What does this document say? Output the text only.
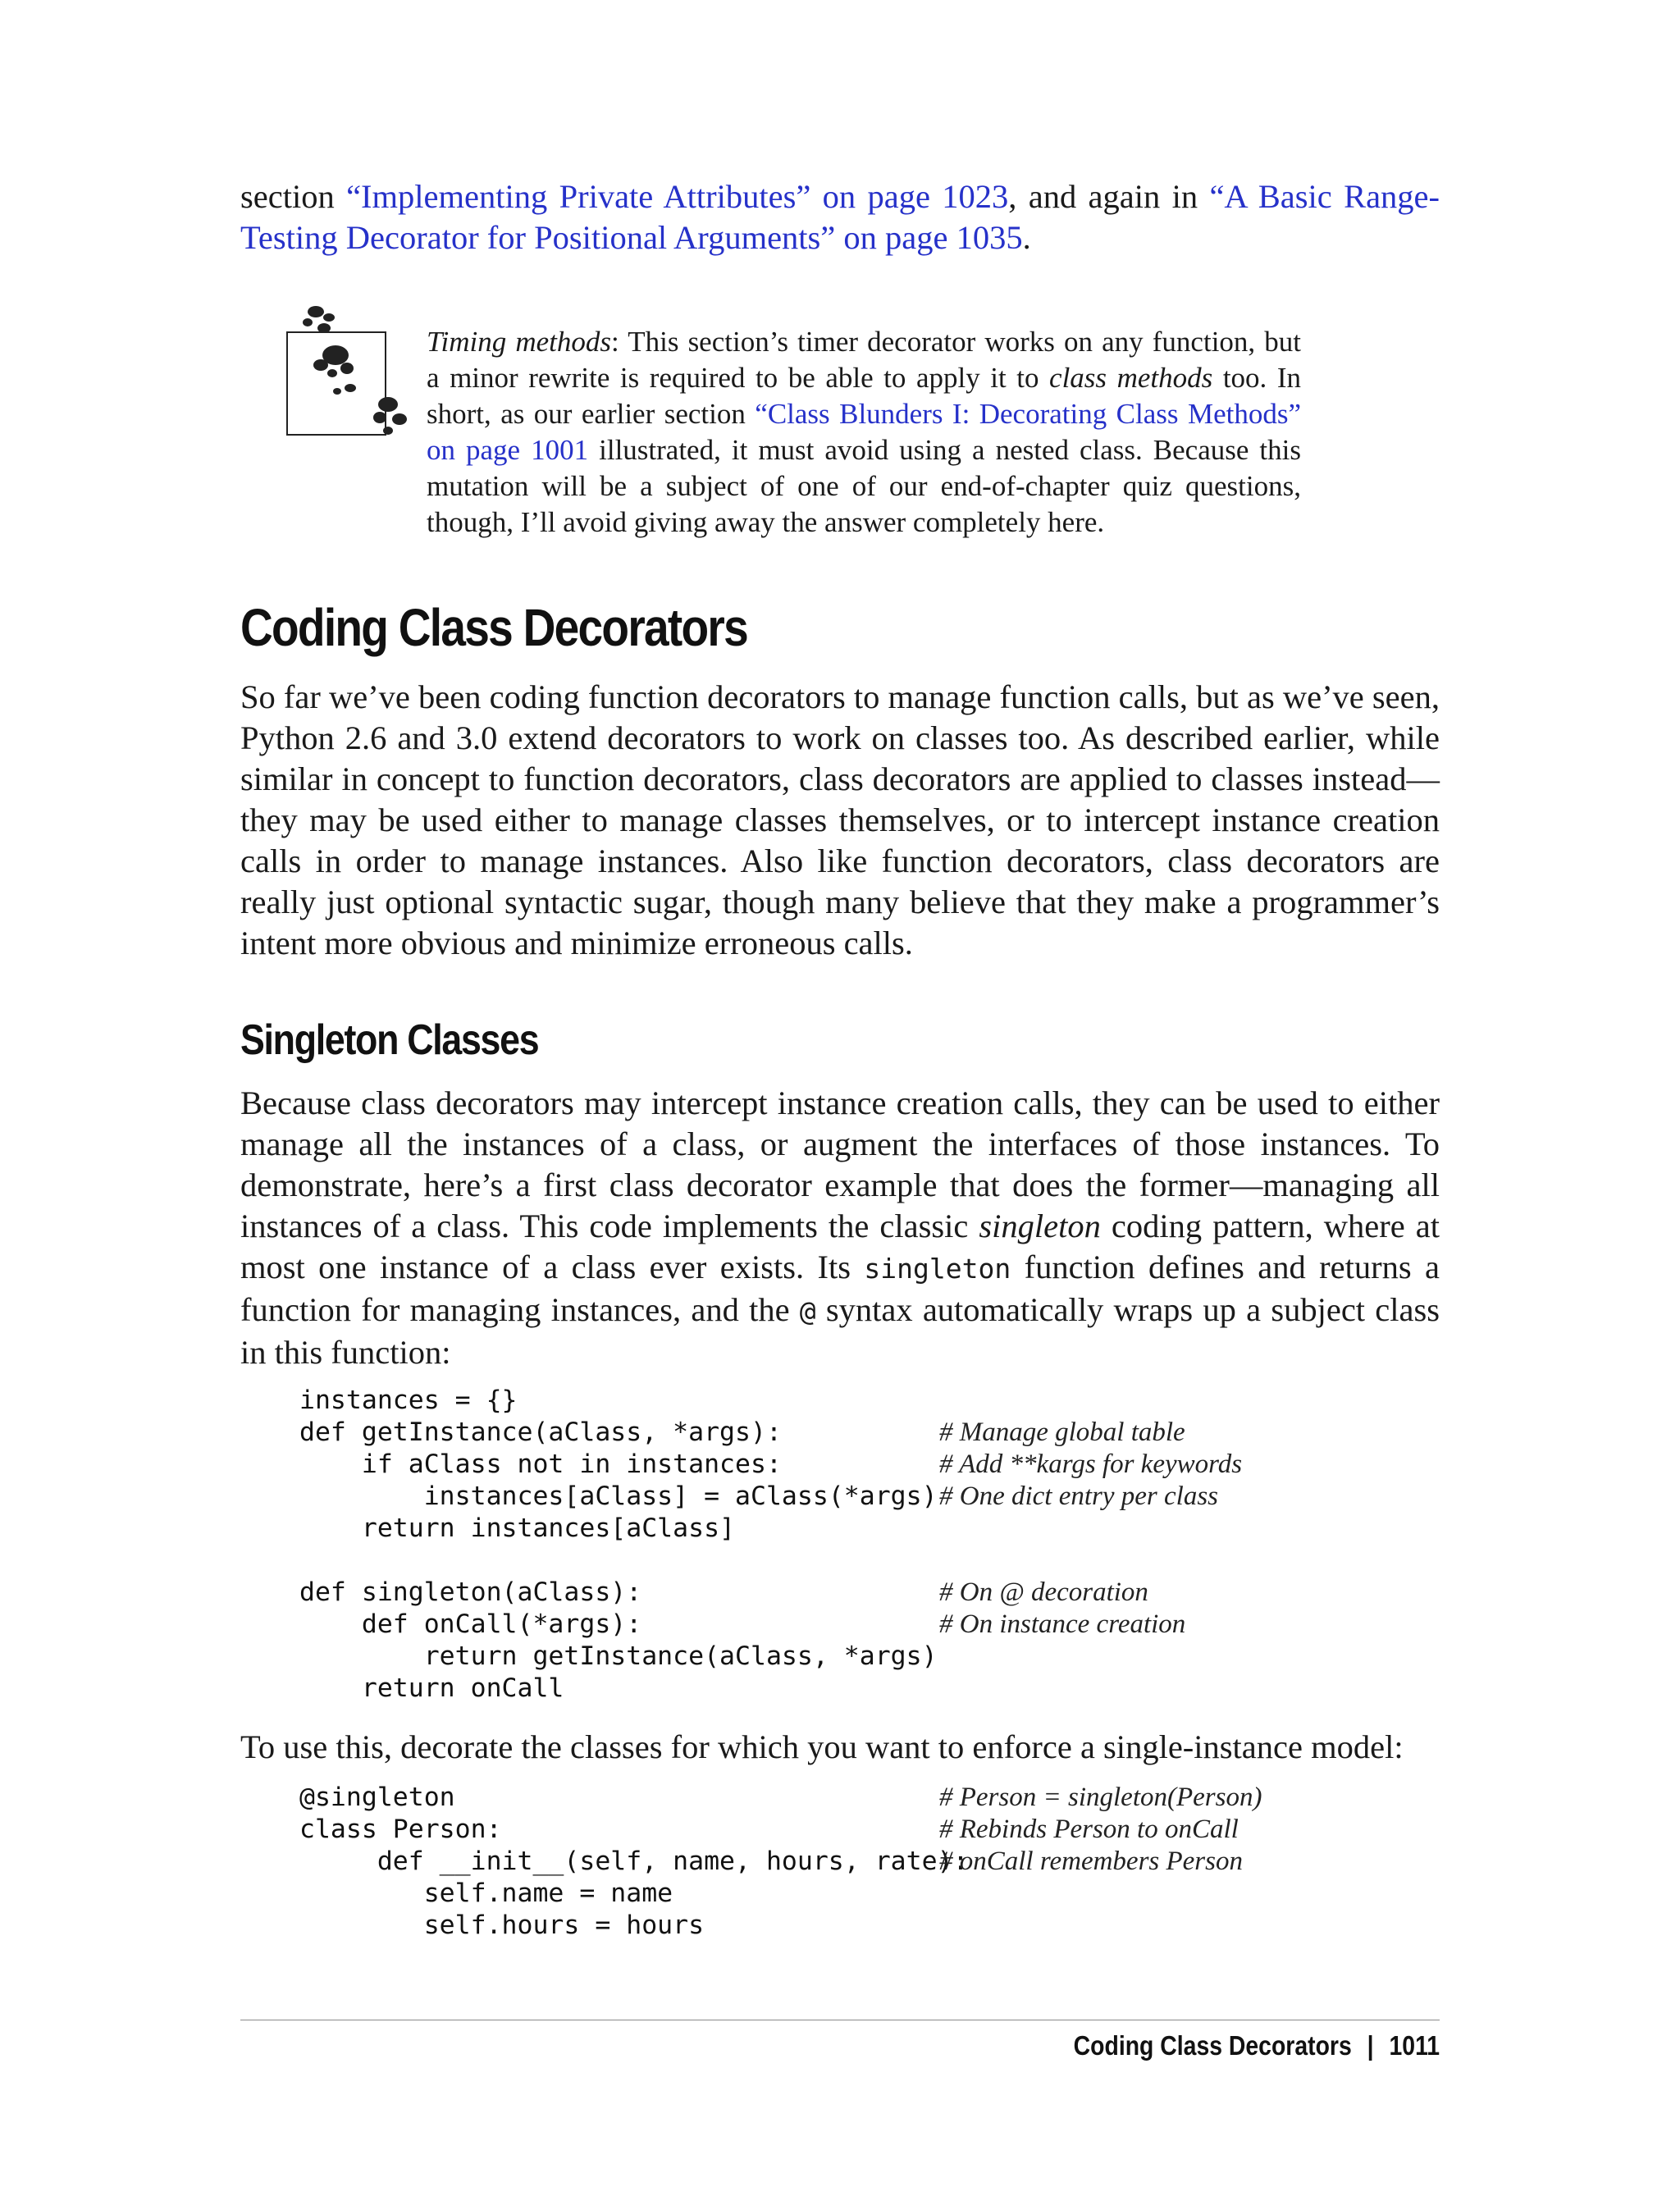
section “Implementing Private Attributes” on page 1023, and again in “A Basic Range-Testing Decorator for Positional Arguments” on page 1035.

Timing methods: This section’s timer decorator works on any function, but a minor rewrite is required to be able to apply it to class methods too. In short, as our earlier section “Class Blunders I: Decorating Class Methods” on page 1001 illustrated, it must avoid using a nested class. Because this mutation will be a subject of one of our end-of-chapter quiz questions, though, I’ll avoid giving away the answer completely here.

Coding Class Decorators

So far we’ve been coding function decorators to manage function calls, but as we’ve seen, Python 2.6 and 3.0 extend decorators to work on classes too. As described earlier, while similar in concept to function decorators, class decorators are applied to classes instead—they may be used either to manage classes themselves, or to intercept instance creation calls in order to manage instances. Also like function decorators, class decorators are really just optional syntactic sugar, though many believe that they make a programmer’s intent more obvious and minimize erroneous calls.

Singleton Classes

Because class decorators may intercept instance creation calls, they can be used to either manage all the instances of a class, or augment the interfaces of those instances. To demonstrate, here’s a first class decorator example that does the former—managing all instances of a class. This code implements the classic singleton coding pattern, where at most one instance of a class ever exists. Its singleton function defines and returns a function for managing instances, and the @ syntax automatically wraps up a subject class in this function:

instances = {}
def getInstance(aClass, *args):	# Manage global table
if aClass not in instances:	# Add **kargs for keywords
instances[aClass] = aClass(*args) # One dict entry per class
return instances[aClass]
def singleton(aClass):	# On @ decoration
def onCall(*args):	# On instance creation
return getInstance(aClass, *args)
return onCall

To use this, decorate the classes for which you want to enforce a single-instance model:

@singleton	# Person = singleton(Person)
class Person:	# Rebinds Person to onCall
def __init__(self, name, hours, rate):
# onCall remembers Person
self.name = name
self.hours = hours
Coding Class Decorators | 1011
